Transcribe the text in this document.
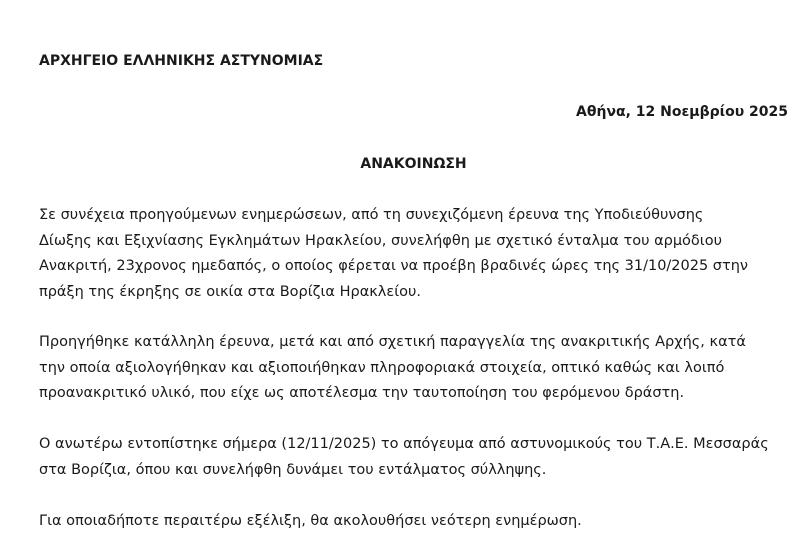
ΑΡΧΗΓΕΙΟ ΕΛΛΗΝΙΚΗΣ ΑΣΤΥΝΟΜΙΑΣ
Αθήνα, 12 Νοεμβρίου 2025
ΑΝΑΚΟΙΝΩΣΗ

Σε συνέχεια προηγούμενων ενημερώσεων, από τη συνεχιζόμενη έρευνα της Υποδιεύθυνσης
Δίωξης και Εξιχνίασης Εγκλημάτων Ηρακλείου, συνελήφθη με σχετικό ένταλμα του αρμόδιου
Ανακριτή, 23χρονος ημεδαπός, ο οποίος φέρεται να προέβη βραδινές ώρες της 31/10/2025 στην
πράξη της έκρηξης σε οικία στα Βορίζια Ηρακλείου.

Προηγήθηκε κατάλληλη έρευνα, μετά και από σχετική παραγγελία της ανακριτικής Αρχής, κατά
την οποία αξιολογήθηκαν και αξιοποιήθηκαν πληροφοριακά στοιχεία, οπτικό καθώς και λοιπό
προανακριτικό υλικό, που είχε ως αποτέλεσμα την ταυτοποίηση του φερόμενου δράστη.

Ο ανωτέρω εντοπίστηκε σήμερα (12/11/2025) το απόγευμα από αστυνομικούς του Τ.Α.Ε. Μεσσαράς
στα Βορίζια, όπου και συνελήφθη δυνάμει του εντάλματος σύλληψης.

Για οποιαδήποτε περαιτέρω εξέλιξη, θα ακολουθήσει νεότερη ενημέρωση.
